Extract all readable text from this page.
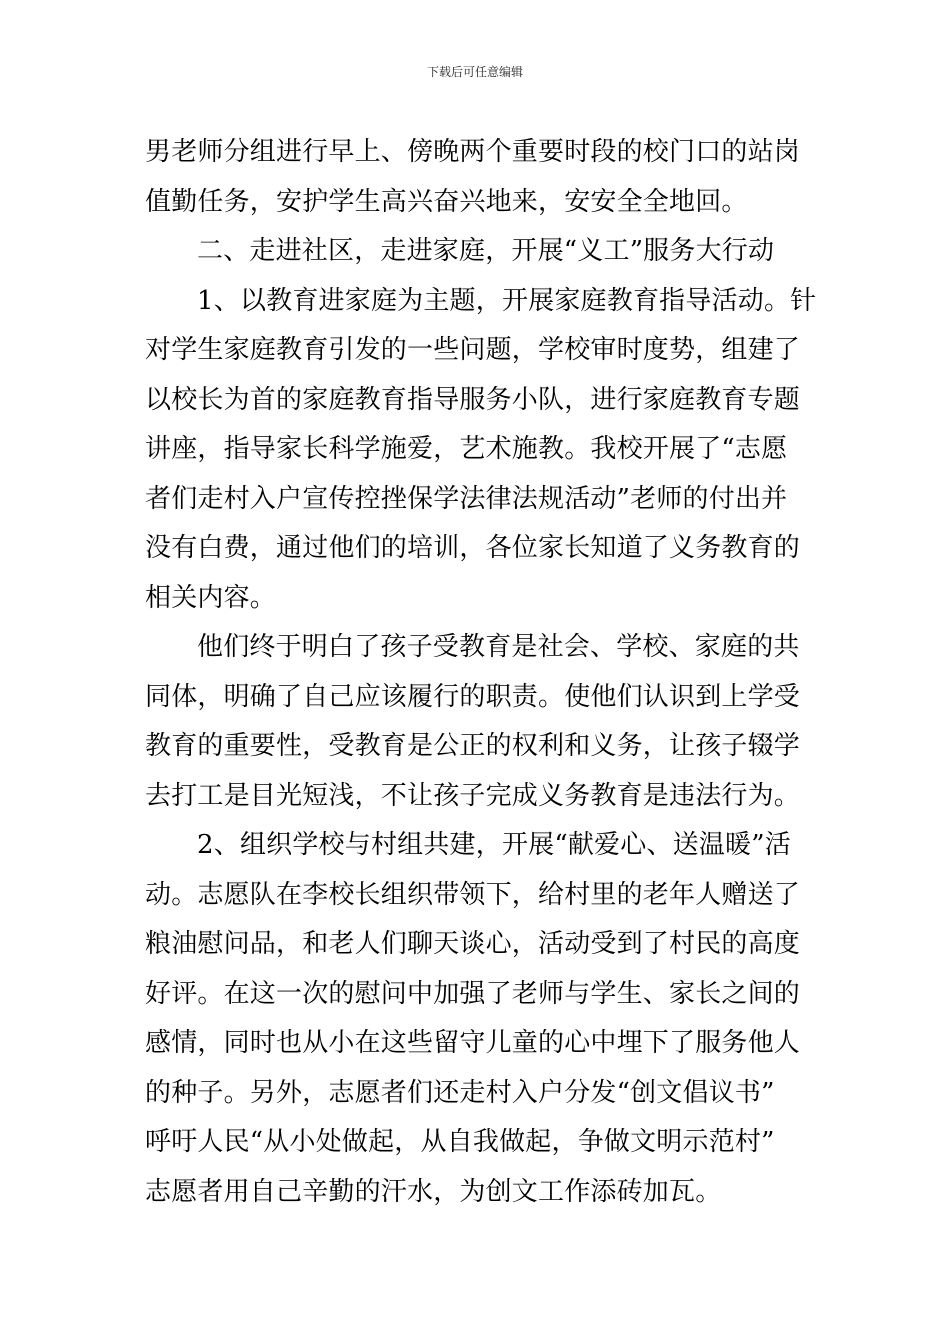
下载后可任意编辑
男老师分组进行早上、傍晚两个重要时段的校门口的站岗
值勤任务，安护学生高兴奋兴地来，安安全全地回。
二、走进社区，走进家庭，开展“义工”服务大行动
1、以教育进家庭为主题，开展家庭教育指导活动。针
对学生家庭教育引发的一些问题，学校审时度势，组建了
以校长为首的家庭教育指导服务小队，进行家庭教育专题
讲座，指导家长科学施爱，艺术施教。我校开展了“志愿
者们走村入户宣传控挫保学法律法规活动”老师的付出并
没有白费，通过他们的培训，各位家长知道了义务教育的
相关内容。
他们终于明白了孩子受教育是社会、学校、家庭的共
同体，明确了自己应该履行的职责。使他们认识到上学受
教育的重要性，受教育是公正的权利和义务，让孩子辍学
去打工是目光短浅，不让孩子完成义务教育是违法行为。
2、组织学校与村组共建，开展“献爱心、送温暖”活
动。志愿队在李校长组织带领下，给村里的老年人赠送了
粮油慰问品，和老人们聊天谈心，活动受到了村民的高度
好评。在这一次的慰问中加强了老师与学生、家长之间的
感情，同时也从小在这些留守儿童的心中埋下了服务他人
的种子。另外，志愿者们还走村入户分发“创文倡议书”
呼吁人民“从小处做起，从自我做起，争做文明示范村”
志愿者用自己辛勤的汗水，为创文工作添砖加瓦。
